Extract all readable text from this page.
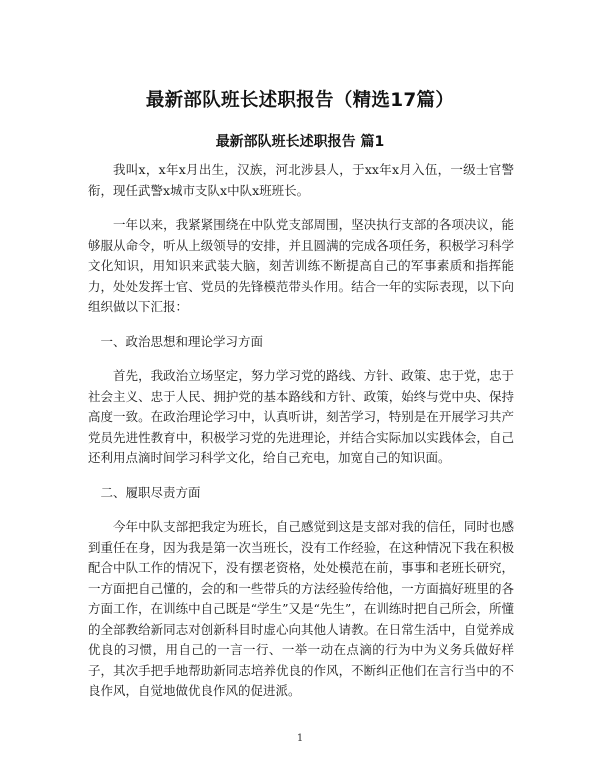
最新部队班长述职报告（精选17篇）
最新部队班长述职报告 篇1

我叫x，x年x月出生，汉族，河北涉县人，于xx年x月入伍，一级士官警衔，现任武警x城市支队x中队x班班长。

一年以来，我紧紧围绕在中队党支部周围，坚决执行支部的各项决议，能够服从命令，听从上级领导的安排，并且圆满的完成各项任务，积极学习科学文化知识，用知识来武装大脑，刻苦训练不断提高自己的军事素质和指挥能力，处处发挥士官、党员的先锋模范带头作用。结合一年的实际表现，以下向组织做以下汇报：

一、政治思想和理论学习方面

首先，我政治立场坚定，努力学习党的路线、方针、政策、忠于党，忠于社会主义、忠于人民、拥护党的基本路线和方针、政策，始终与党中央、保持高度一致。在政治理论学习中，认真听讲，刻苦学习，特别是在开展学习共产党员先进性教育中，积极学习党的先进理论，并结合实际加以实践体会，自己还利用点滴时间学习科学文化，给自己充电，加宽自己的知识面。

二、履职尽责方面

今年中队支部把我定为班长，自己感觉到这是支部对我的信任，同时也感到重任在身，因为我是第一次当班长，没有工作经验，在这种情况下我在积极配合中队工作的情况下，没有摆老资格，处处模范在前，事事和老班长研究，一方面把自己懂的，会的和一些带兵的方法经验传给他，一方面搞好班里的各方面工作，在训练中自己既是“学生”又是“先生”，在训练时把自己所会，所懂的全部教给新同志对创新科目时虚心向其他人请教。在日常生活中，自觉养成优良的习惯，用自己的一言一行、一举一动在点滴的行为中为义务兵做好样子，其次手把手地帮助新同志培养优良的作风，不断纠正他们在言行当中的不良作风，自觉地做优良作风的促进派。

1
